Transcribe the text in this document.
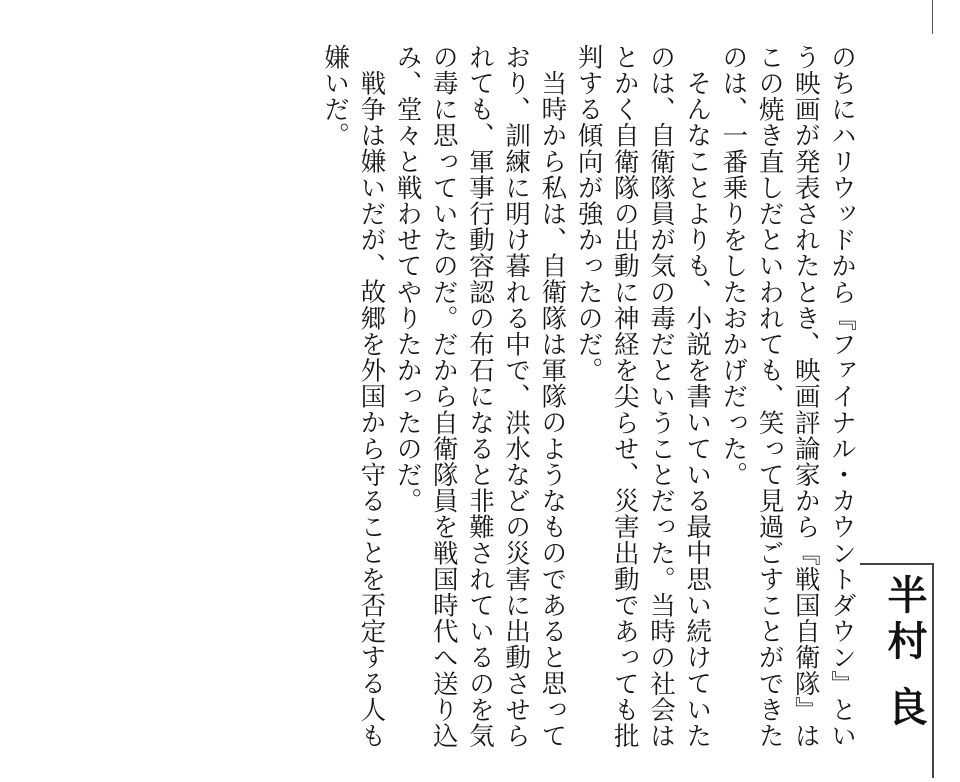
のちにハリウッドから『ファイナル・カウントダウン』という映画が発表されたとき、映画評論家から『戦国自衛隊』はこの焼き直しだといわれても、笑って見過ごすことができたのは、一番乗りをしたおかげだった。

そんなことよりも、小説を書いている最中思い続けていたのは、自衛隊員が気の毒だということだった。当時の社会はとかく自衛隊の出動に神経を尖らせ、災害出動であっても批判する傾向が強かったのだ。

当時から私は、自衛隊は軍隊のようなものであると思っており、訓練に明け暮れる中で、洪水などの災害に出動させられても、軍事行動容認の布石になると非難されているのを気の毒に思っていたのだ。だから自衛隊員を戦国時代へ送り込み、堂々と戦わせてやりたかったのだ。

戦争は嫌いだが、故郷を外国から守ることを否定する人も嫌いだ。

半村 良
